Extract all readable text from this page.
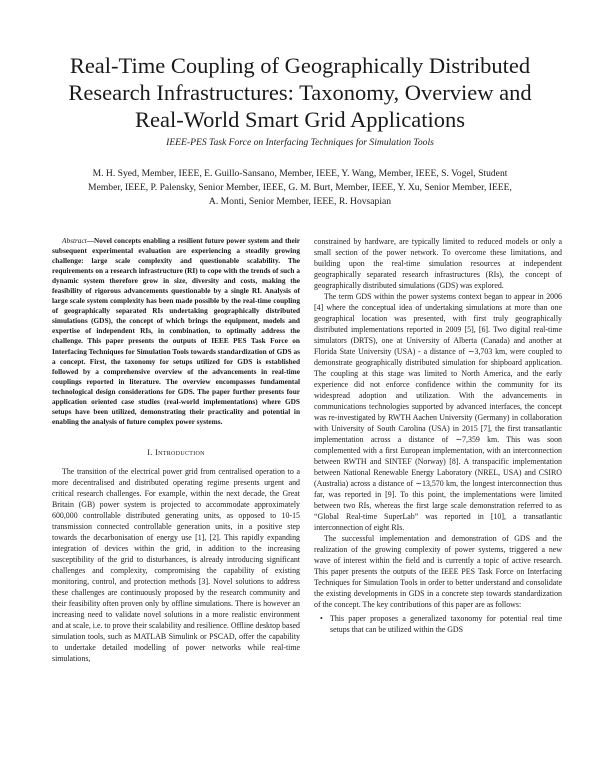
Real-Time Coupling of Geographically Distributed
Research Infrastructures: Taxonomy, Overview and
Real-World Smart Grid Applications
IEEE-PES Task Force on Interfacing Techniques for Simulation Tools
M. H. Syed, Member, IEEE, E. Guillo-Sansano, Member, IEEE, Y. Wang, Member, IEEE, S. Vogel, Student
Member, IEEE, P. Palensky, Senior Member, IEEE, G. M. Burt, Member, IEEE, Y. Xu, Senior Member, IEEE,
A. Monti, Senior Member, IEEE, R. Hovsapian

Abstract—Novel concepts enabling a resilient future power system and their subsequent experimental evaluation are experiencing a steadily growing challenge: large scale complexity and questionable scalability. The requirements on a research infrastructure (RI) to cope with the trends of such a dynamic system therefore grow in size, diversity and costs, making the feasibility of rigorous advancements questionable by a single RI. Analysis of large scale system complexity has been made possible by the real-time coupling of geographically separated RIs undertaking geographically distributed simulations (GDS), the concept of which brings the equipment, models and expertise of independent RIs, in combination, to optimally address the challenge. This paper presents the outputs of IEEE PES Task Force on Interfacing Techniques for Simulation Tools towards standardization of GDS as a concept. First, the taxonomy for setups utilized for GDS is established followed by a comprehensive overview of the advancements in real-time couplings reported in literature. The overview encompasses fundamental technological design considerations for GDS. The paper further presents four application oriented case studies (real-world implementations) where GDS setups have been utilized, demonstrating their practicality and potential in enabling the analysis of future complex power systems.

I. Introduction

The transition of the electrical power grid from centralised operation to a more decentralised and distributed operating regime presents urgent and critical research challenges. For example, within the next decade, the Great Britain (GB) power system is projected to accommodate approximately 600,000 controllable distributed generating units, as opposed to 10-15 transmission connected controllable generation units, in a positive step towards the decarbonisation of energy use [1], [2]. This rapidly expanding integration of devices within the grid, in addition to the increasing susceptibility of the grid to disturbances, is already introducing significant challenges and complexity, compromising the capability of existing monitoring, control, and protection methods [3]. Novel solutions to address these challenges are continuously proposed by the research community and their feasibility often proven only by offline simulations. There is however an increasing need to validate novel solutions in a more realistic environment and at scale, i.e. to prove their scalability and resilience. Offline desktop based simulation tools, such as MATLAB Simulink or PSCAD, offer the capability to undertake detailed modelling of power networks while real-time simulations,

constrained by hardware, are typically limited to reduced models or only a small section of the power network. To overcome these limitations, and building upon the real-time simulation resources at independent geographically separated research infrastructures (RIs), the concept of geographically distributed simulations (GDS) was explored.

The term GDS within the power systems context began to appear in 2006 [4] where the conceptual idea of undertaking simulations at more than one geographical location was presented, with first truly geographically distributed implementations reported in 2009 [5], [6]. Two digital real-time simulators (DRTS), one at University of Alberta (Canada) and another at Florida State University (USA) - a distance of ∼3,703 km, were coupled to demonstrate geographically distributed simulation for shipboard application. The coupling at this stage was limited to North America, and the early experience did not enforce confidence within the community for its widespread adoption and utilization. With the advancements in communications technologies supported by advanced interfaces, the concept was re-investigated by RWTH Aachen University (Germany) in collaboration with University of South Carolina (USA) in 2015 [7], the first transatlantic implementation across a distance of ∼7,359 km. This was soon complemented with a first European implementation, with an interconnection between RWTH and SINTEF (Norway) [8]. A transpacific implementation between National Renewable Energy Laboratory (NREL, USA) and CSIRO (Australia) across a distance of ∼13,570 km, the longest interconnection thus far, was reported in [9]. To this point, the implementations were limited between two RIs, whereas the first large scale demonstration referred to as “Global Real-time SuperLab” was reported in [10], a transatlantic interconnection of eight RIs.

The successful implementation and demonstration of GDS and the realization of the growing complexity of power systems, triggered a new wave of interest within the field and is currently a topic of active research. This paper presents the outputs of the IEEE PES Task Force on Interfacing Techniques for Simulation Tools in order to better understand and consolidate the existing developments in GDS in a concrete step towards standardization of the concept. The key contributions of this paper are as follows:

• This paper proposes a generalized taxonomy for potential real time setups that can be utilized within the GDS
